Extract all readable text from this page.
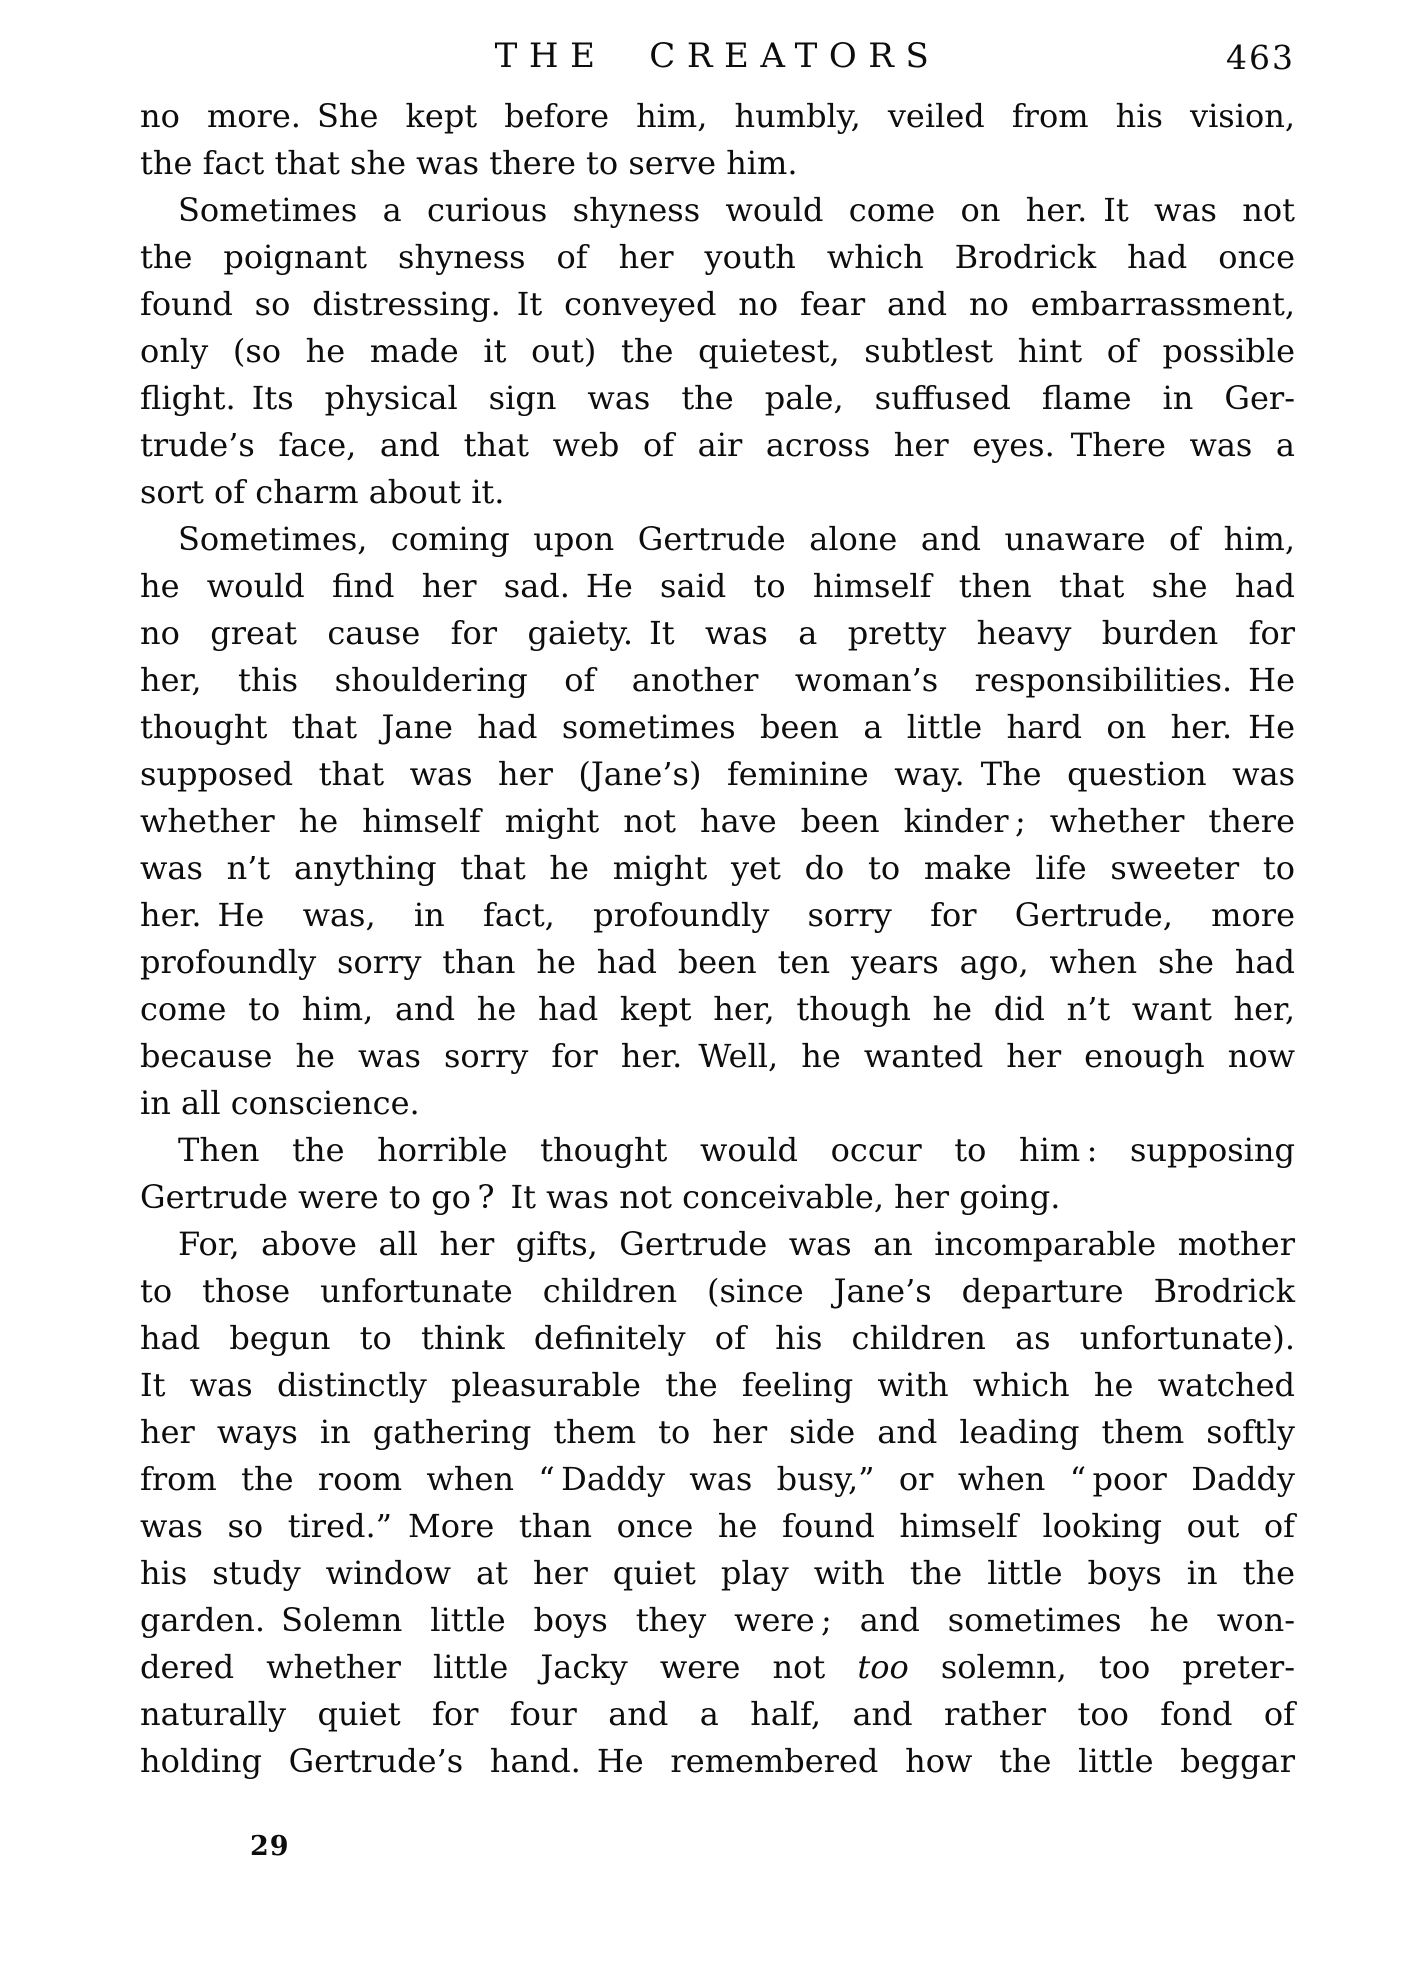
THE CREATORS	463
no more. She kept before him, humbly, veiled from his vision,
the fact that she was there to serve him.
Sometimes a curious shyness would come on her. It was not
the poignant shyness of her youth which Brodrick had once
found so distressing. It conveyed no fear and no embarrassment,
only (so he made it out) the quietest, subtlest hint of possible
flight. Its physical sign was the pale, suffused flame in Ger-
trude’s face, and that web of air across her eyes. There was a
sort of charm about it.
Sometimes, coming upon Gertrude alone and unaware of him,
he would find her sad. He said to himself then that she had
no great cause for gaiety. It was a pretty heavy burden for
her, this shouldering of another woman’s responsibilities. He
thought that Jane had sometimes been a little hard on her. He
supposed that was her (Jane’s) feminine way. The question was
whether he himself might not have been kinder ; whether there
was n’t anything that he might yet do to make life sweeter to
her. He was, in fact, profoundly sorry for Gertrude, more
profoundly sorry than he had been ten years ago, when she had
come to him, and he had kept her, though he did n’t want her,
because he was sorry for her. Well, he wanted her enough now
in all conscience.
Then the horrible thought would occur to him : supposing
Gertrude were to go ? It was not conceivable, her going.
For, above all her gifts, Gertrude was an incomparable mother
to those unfortunate children (since Jane’s departure Brodrick
had begun to think definitely of his children as unfortunate).
It was distinctly pleasurable the feeling with which he watched
her ways in gathering them to her side and leading them softly
from the room when “ Daddy was busy,” or when “ poor Daddy
was so tired.” More than once he found himself looking out of
his study window at her quiet play with the little boys in the
garden. Solemn little boys they were ; and sometimes he won-
dered whether little Jacky were not too solemn, too preter-
naturally quiet for four and a half, and rather too fond of
holding Gertrude’s hand. He remembered how the little beggar
29
